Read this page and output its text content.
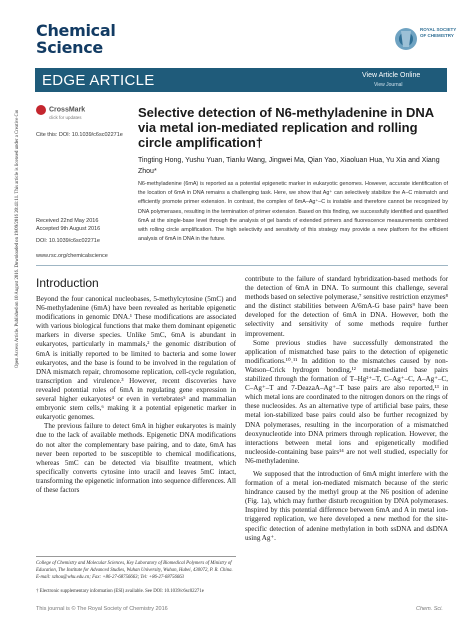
Chemical Science
ROYAL SOCIETY OF CHEMISTRY
EDGE ARTICLE	View Article Online
View Journal
CrossMark
click for updates
Cite this: DOI: 10.1039/c6sc02271e
Selective detection of N6-methyladenine in DNA via metal ion-mediated replication and rolling circle amplification†
Tingting Hong, Yushu Yuan, Tianlu Wang, Jingwei Ma, Qian Yao, Xiaoluan Hua, Yu Xia and Xiang Zhou*
N6-methyladenine (6mA) is reported as a potential epigenetic marker in eukaryotic genomes. However, accurate identification of the location of 6mA in DNA remains a challenging task. Here, we show that Ag⁺ can selectively stabilize the A–C mismatch and efficiently promote primer extension. In contrast, the complex of 6mA–Ag⁺–C is instable and therefore cannot be recognized by DNA polymerases, resulting in the termination of primer extension. Based on this finding, we successfully identified and quantified 6mA at the single-base level through the analysis of gel bands of extended primers and fluorescence measurements combined with rolling circle amplification. The high selectivity and sensitivity of this strategy may provide a new platform for the efficient analysis of 6mA in DNA in the future.
Received 22nd May 2016
Accepted 9th August 2016
DOI: 10.1039/c6sc02271e
www.rsc.org/chemicalscience
Open Access Article. Published on 10 August 2016. Downloaded on 19/09/2016 20:41:11. This article is licensed under a Creative Commons Attribution 3.0 Unported Licence. Introduction

Beyond the four canonical nucleobases, 5-methylcytosine (5mC) and N6-methyladenine (6mA) have been revealed as heritable epigenetic modifications in genomic DNA.¹ These modifications are associated with various biological functions that make them dominant epigenetic markers in diverse species. Unlike 5mC, 6mA is abundant in eukaryotes, particularly in mammals,² the genomic distribution of 6mA is initially reported to be limited to bacteria and some lower eukaryotes, and the base is found to be involved in the regulation of DNA mismatch repair, chromosome replication, cell-cycle regulation, transcription and virulence.³ However, recent discoveries have revealed potential roles of 6mA in regulating gene expression in several higher eukaryotes⁴ or even in vertebrates⁵ and mammalian embryonic stem cells,⁶ making it a potential epigenetic marker in eukaryotic genomes.

The previous failure to detect 6mA in higher eukaryotes is mainly due to the lack of available methods. Epigenetic DNA modifications do not alter the complementary base pairing, and to date, 6mA has never been reported to be susceptible to chemical modifications, whereas 5mC can be detected via bisulfite treatment, which specifically converts cytosine into uracil and leaves 5mC intact, transforming the epigenetic information into sequence differences. All of these factors

contribute to the failure of standard hybridization-based methods for the detection of 6mA in DNA. To surmount this challenge, several methods based on selective polymerase,⁷ sensitive restriction enzymes⁸ and the distinct stabilities between A/6mA-G base pairs⁹ have been developed for the detection of 6mA in DNA. However, both the selectivity and sensitivity of some methods require further improvement.

Some previous studies have successfully demonstrated the application of mismatched base pairs to the detection of epigenetic modifications.¹⁰˒¹¹ In addition to the mismatches caused by non-Watson–Crick hydrogen bonding,¹² metal-mediated base pairs stabilized through the formation of T–Hg²⁺–T, C–Ag⁺–C, A–Ag⁺–C, C–Ag⁺–T and 7-DeazaA–Ag⁺–T base pairs are also reported,¹³ in which metal ions are coordinated to the nitrogen donors on the rings of these nucleosides. As an alternative type of artificial base pairs, these metal ion-stabilized base pairs could also be further recognized by DNA polymerases, resulting in the incorporation of a mismatched deoxynucleotide into DNA primers through replication. However, the interactions between metal ions and epigenetically modified nucleoside-containing base pairs¹⁴ are not well studied, especially for N6-methyladenine.

We supposed that the introduction of 6mA might interfere with the formation of a metal ion-mediated mismatch because of the steric hindrance caused by the methyl group at the N6 position of adenine (Fig. 1a), which may further disturb recognition by DNA polymerases. Inspired by this potential difference between 6mA and A in metal ion-triggered replication, we here developed a new method for the site-specific detection of adenine methylation in both ssDNA and dsDNA using Ag⁺.

College of Chemistry and Molecular Sciences, Key Laboratory of Biomedical Polymers of Ministry of Education, The Institute for Advanced Studies, Wuhan University, Wuhan, Hubei, 430072, P. R. China. E-mail: xzhou@whu.edu.cn; Fax: +86-27-68756663; Tel: +86-27-68756663
† Electronic supplementary information (ESI) available. See DOI: 10.1039/c6sc02271e
This journal is © The Royal Society of Chemistry 2016	Chem. Sci.
